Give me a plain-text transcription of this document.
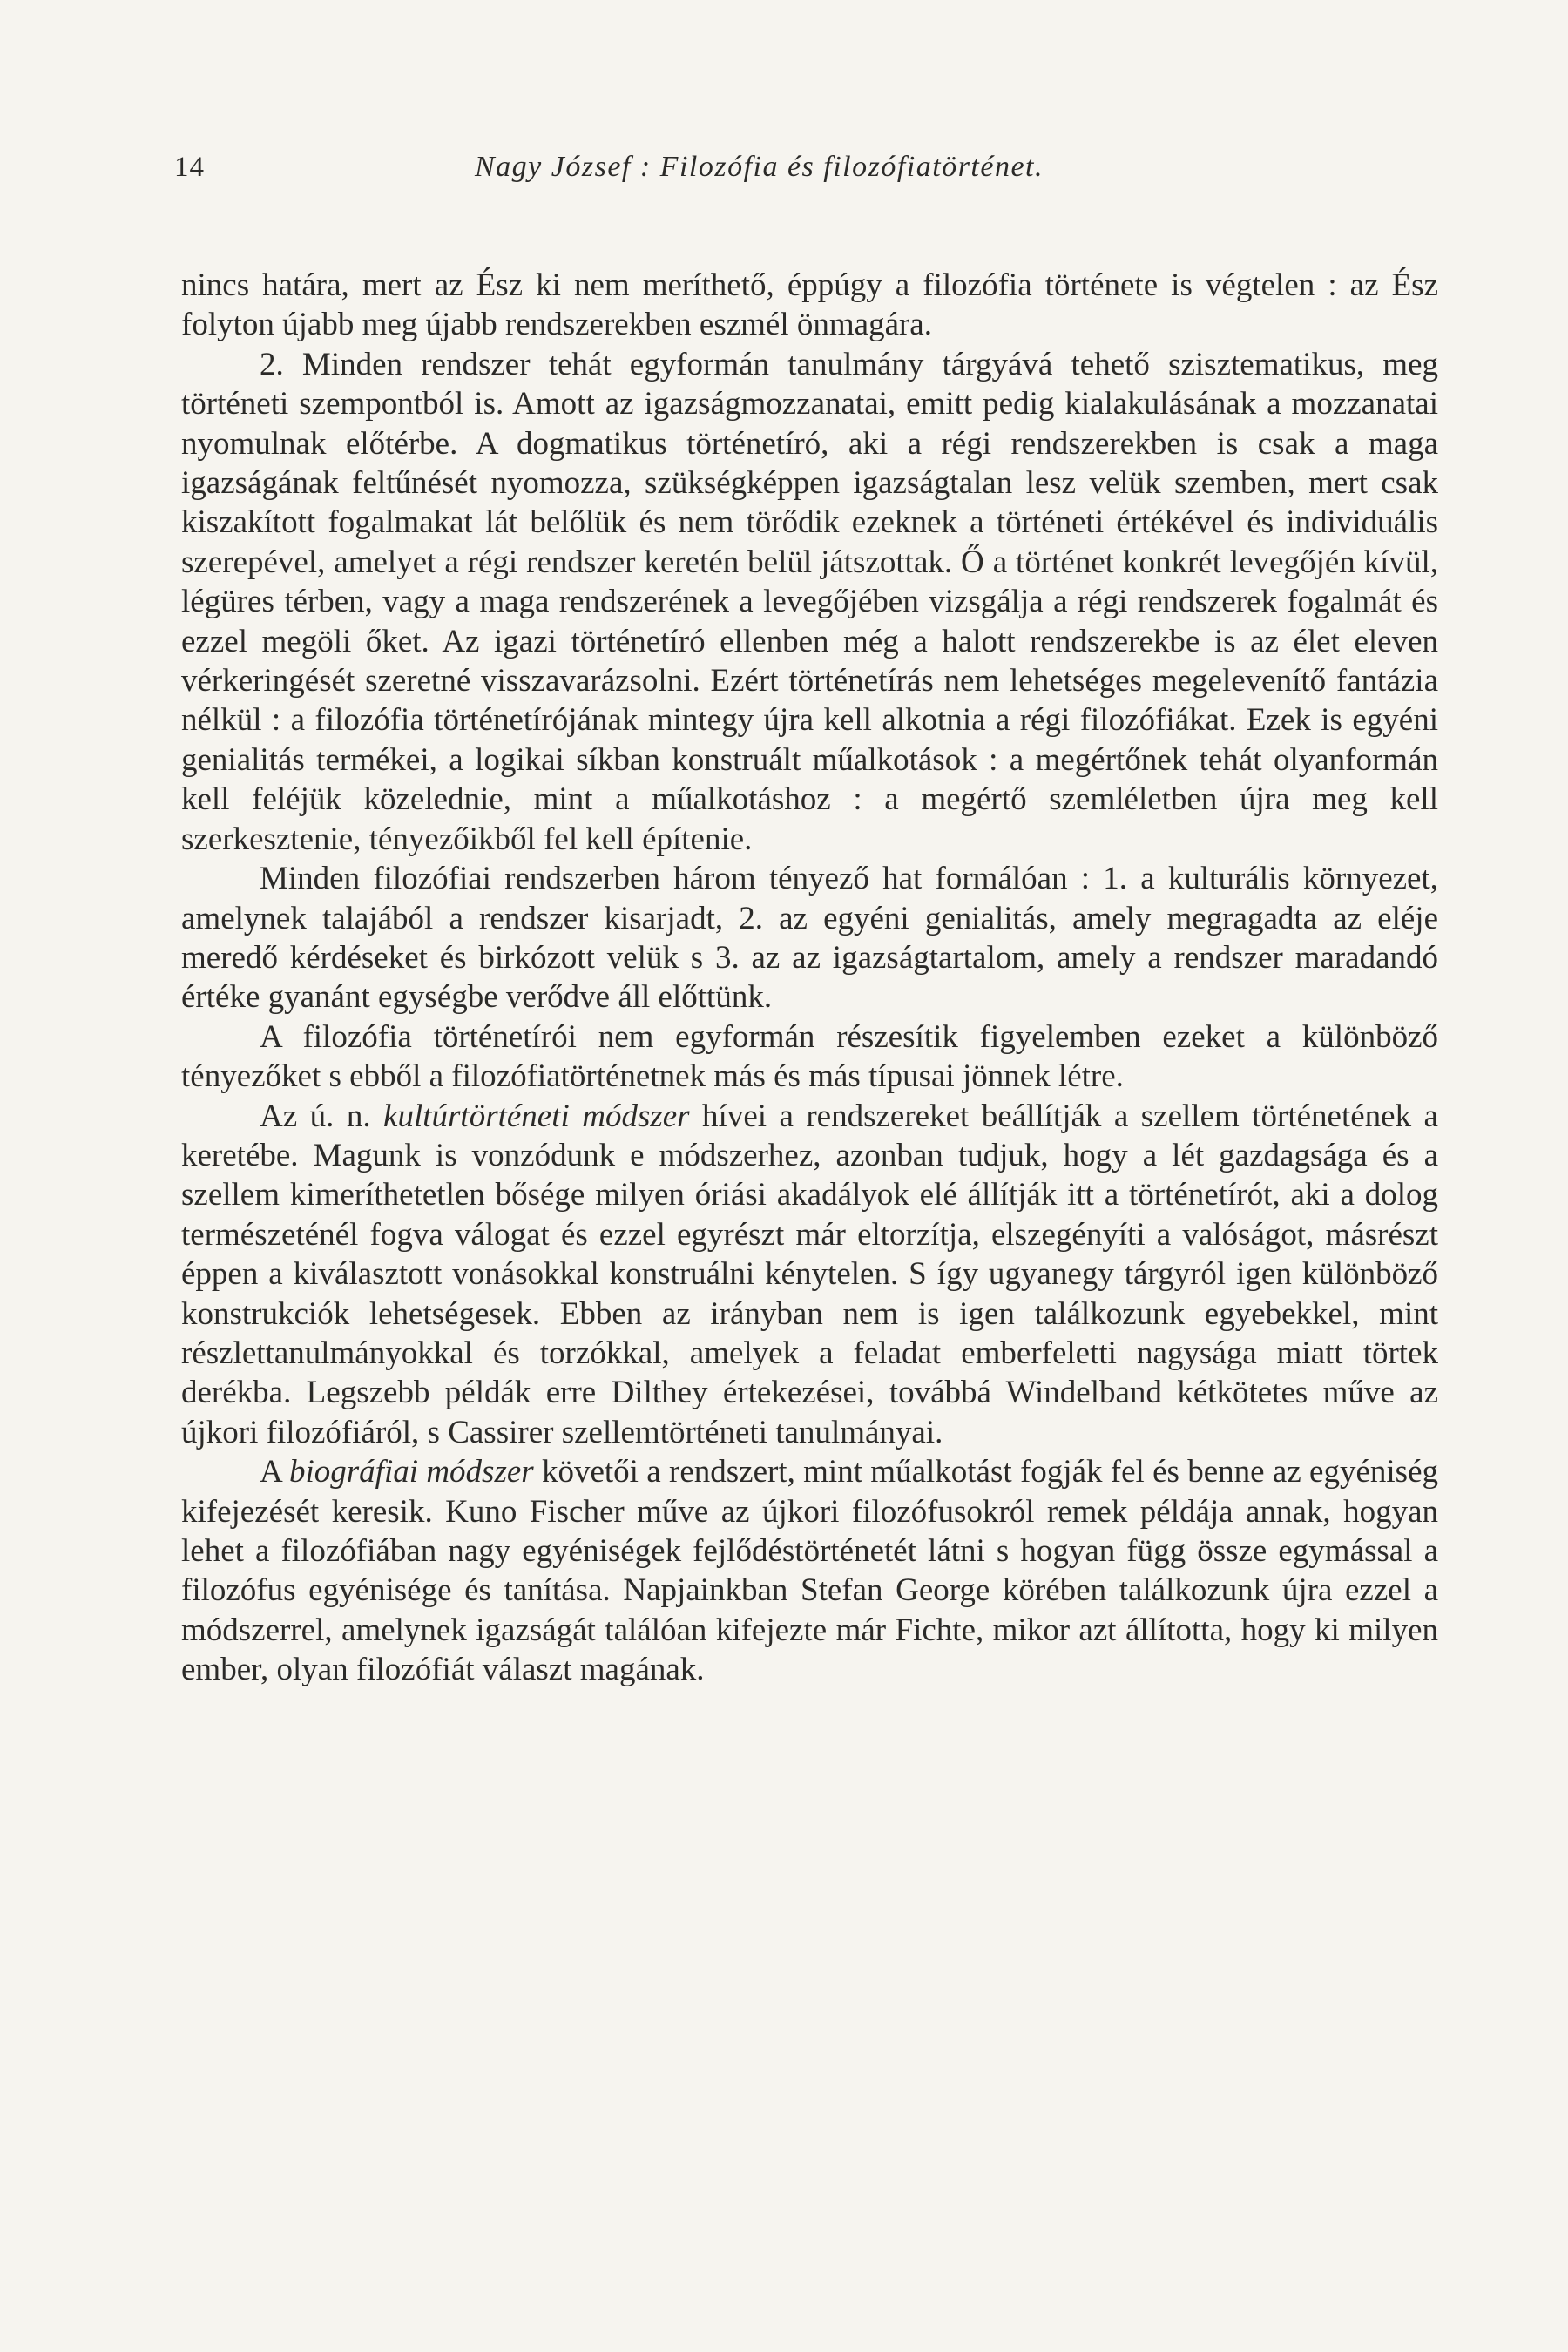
14	Nagy József : Filozófia és filozófiatörténet.

nincs határa, mert az Ész ki nem meríthető, éppúgy a filozófia története is végtelen : az Ész folyton újabb meg újabb rendszerekben eszmél önmagára.

2. Minden rendszer tehát egyformán tanulmány tárgyává tehető szisztematikus, meg történeti szempontból is. Amott az igazságmozzanatai, emitt pedig kialakulásának a mozzanatai nyomulnak előtérbe. A dogmatikus történetíró, aki a régi rendszerekben is csak a maga igazságának feltűnését nyomozza, szükségképpen igazságtalan lesz velük szemben, mert csak kiszakított fogalmakat lát belőlük és nem törődik ezeknek a történeti értékével és individuális szerepével, amelyet a régi rendszer keretén belül játszottak. Ő a történet konkrét levegőjén kívül, légüres térben, vagy a maga rendszerének a levegőjében vizsgálja a régi rendszerek fogalmát és ezzel megöli őket. Az igazi történetíró ellenben még a halott rendszerekbe is az élet eleven vérkeringését szeretné visszavarázsolni. Ezért történetírás nem lehetséges megelevenítő fantázia nélkül : a filozófia történetírójának mintegy újra kell alkotnia a régi filozófiákat. Ezek is egyéni genialitás termékei, a logikai síkban konstruált műalkotások : a megértőnek tehát olyanformán kell feléjük közelednie, mint a műalkotáshoz : a megértő szemléletben újra meg kell szerkesztenie, tényezőikből fel kell építenie.

Minden filozófiai rendszerben három tényező hat formálóan : 1. a kulturális környezet, amelynek talajából a rendszer kisarjadt, 2. az egyéni genialitás, amely megragadta az eléje meredő kérdéseket és birkózott velük s 3. az az igazságtartalom, amely a rendszer maradandó értéke gyanánt egységbe verődve áll előttünk.

A filozófia történetírói nem egyformán részesítik figyelemben ezeket a különböző tényezőket s ebből a filozófiatörténetnek más és más típusai jönnek létre.

Az ú. n. kultúrtörténeti módszer hívei a rendszereket beállítják a szellem történetének a keretébe. Magunk is vonzódunk e módszerhez, azonban tudjuk, hogy a lét gazdagsága és a szellem kimeríthetetlen bősége milyen óriási akadályok elé állítják itt a történetírót, aki a dolog természeténél fogva válogat és ezzel egyrészt már eltorzítja, elszegényíti a valóságot, másrészt éppen a kiválasztott vonásokkal konstruálni kénytelen. S így ugyanegy tárgyról igen különböző konstrukciók lehetségesek. Ebben az irányban nem is igen találkozunk egyebekkel, mint részlettanulmányokkal és torzókkal, amelyek a feladat emberfeletti nagysága miatt törtek derékba. Legszebb példák erre Dilthey értekezései, továbbá Windelband kétkötetes műve az újkori filozófiáról, s Cassirer szellemtörténeti tanulmányai.

A biográfiai módszer követői a rendszert, mint műalkotást fogják fel és benne az egyéniség kifejezését keresik. Kuno Fischer műve az újkori filozófusokról remek példája annak, hogyan lehet a filozófiában nagy egyéniségek fejlődéstörténetét látni s hogyan függ össze egymással a filozófus egyénisége és tanítása. Napjainkban Stefan George körében találkozunk újra ezzel a módszerrel, amelynek igazságát találóan kifejezte már Fichte, mikor azt állította, hogy ki milyen ember, olyan filozófiát választ magának.
